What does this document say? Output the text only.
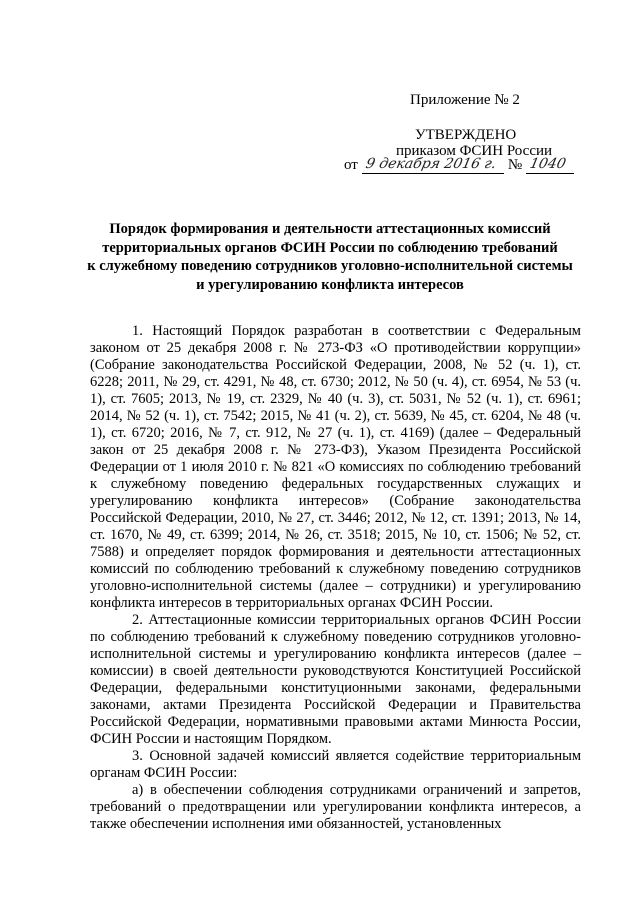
Приложение № 2
УТВЕРЖДЕНО
приказом ФСИН России
от 9 декабря 2016 г. № 1040
Порядок формирования и деятельности аттестационных комиссий
территориальных органов ФСИН России по соблюдению требований
к служебному поведению сотрудников уголовно-исполнительной системы
и урегулированию конфликта интересов

1. Настоящий Порядок разработан в соответствии с Федеральным законом от 25 декабря 2008 г. № 273-ФЗ «О противодействии коррупции» (Собрание законодательства Российской Федерации, 2008, № 52 (ч. 1), ст. 6228; 2011, № 29, ст. 4291, № 48, ст. 6730; 2012, № 50 (ч. 4), ст. 6954, № 53 (ч. 1), ст. 7605; 2013, № 19, ст. 2329, № 40 (ч. 3), ст. 5031, № 52 (ч. 1), ст. 6961; 2014, № 52 (ч. 1), ст. 7542; 2015, № 41 (ч. 2), ст. 5639, № 45, ст. 6204, № 48 (ч. 1), ст. 6720; 2016, № 7, ст. 912, № 27 (ч. 1), ст. 4169) (далее – Федеральный закон от 25 декабря 2008 г. № 273-ФЗ), Указом Президента Российской Федерации от 1 июля 2010 г. № 821 «О комиссиях по соблюдению требований к служебному поведению федеральных государственных служащих и урегулированию конфликта интересов» (Собрание законодательства Российской Федерации, 2010, № 27, ст. 3446; 2012, № 12, ст. 1391; 2013, № 14, ст. 1670, № 49, ст. 6399; 2014, № 26, ст. 3518; 2015, № 10, ст. 1506; № 52, ст. 7588) и определяет порядок формирования и деятельности аттестационных комиссий по соблюдению требований к служебному поведению сотрудников уголовно-исполнительной системы (далее – сотрудники) и урегулированию конфликта интересов в территориальных органах ФСИН России.

2. Аттестационные комиссии территориальных органов ФСИН России по соблюдению требований к служебному поведению сотрудников уголовно-исполнительной системы и урегулированию конфликта интересов (далее – комиссии) в своей деятельности руководствуются Конституцией Российской Федерации, федеральными конституционными законами, федеральными законами, актами Президента Российской Федерации и Правительства Российской Федерации, нормативными правовыми актами Минюста России, ФСИН России и настоящим Порядком.

3. Основной задачей комиссий является содействие территориальным органам ФСИН России:

а) в обеспечении соблюдения сотрудниками ограничений и запретов, требований о предотвращении или урегулировании конфликта интересов, а также обеспечении исполнения ими обязанностей, установленных
